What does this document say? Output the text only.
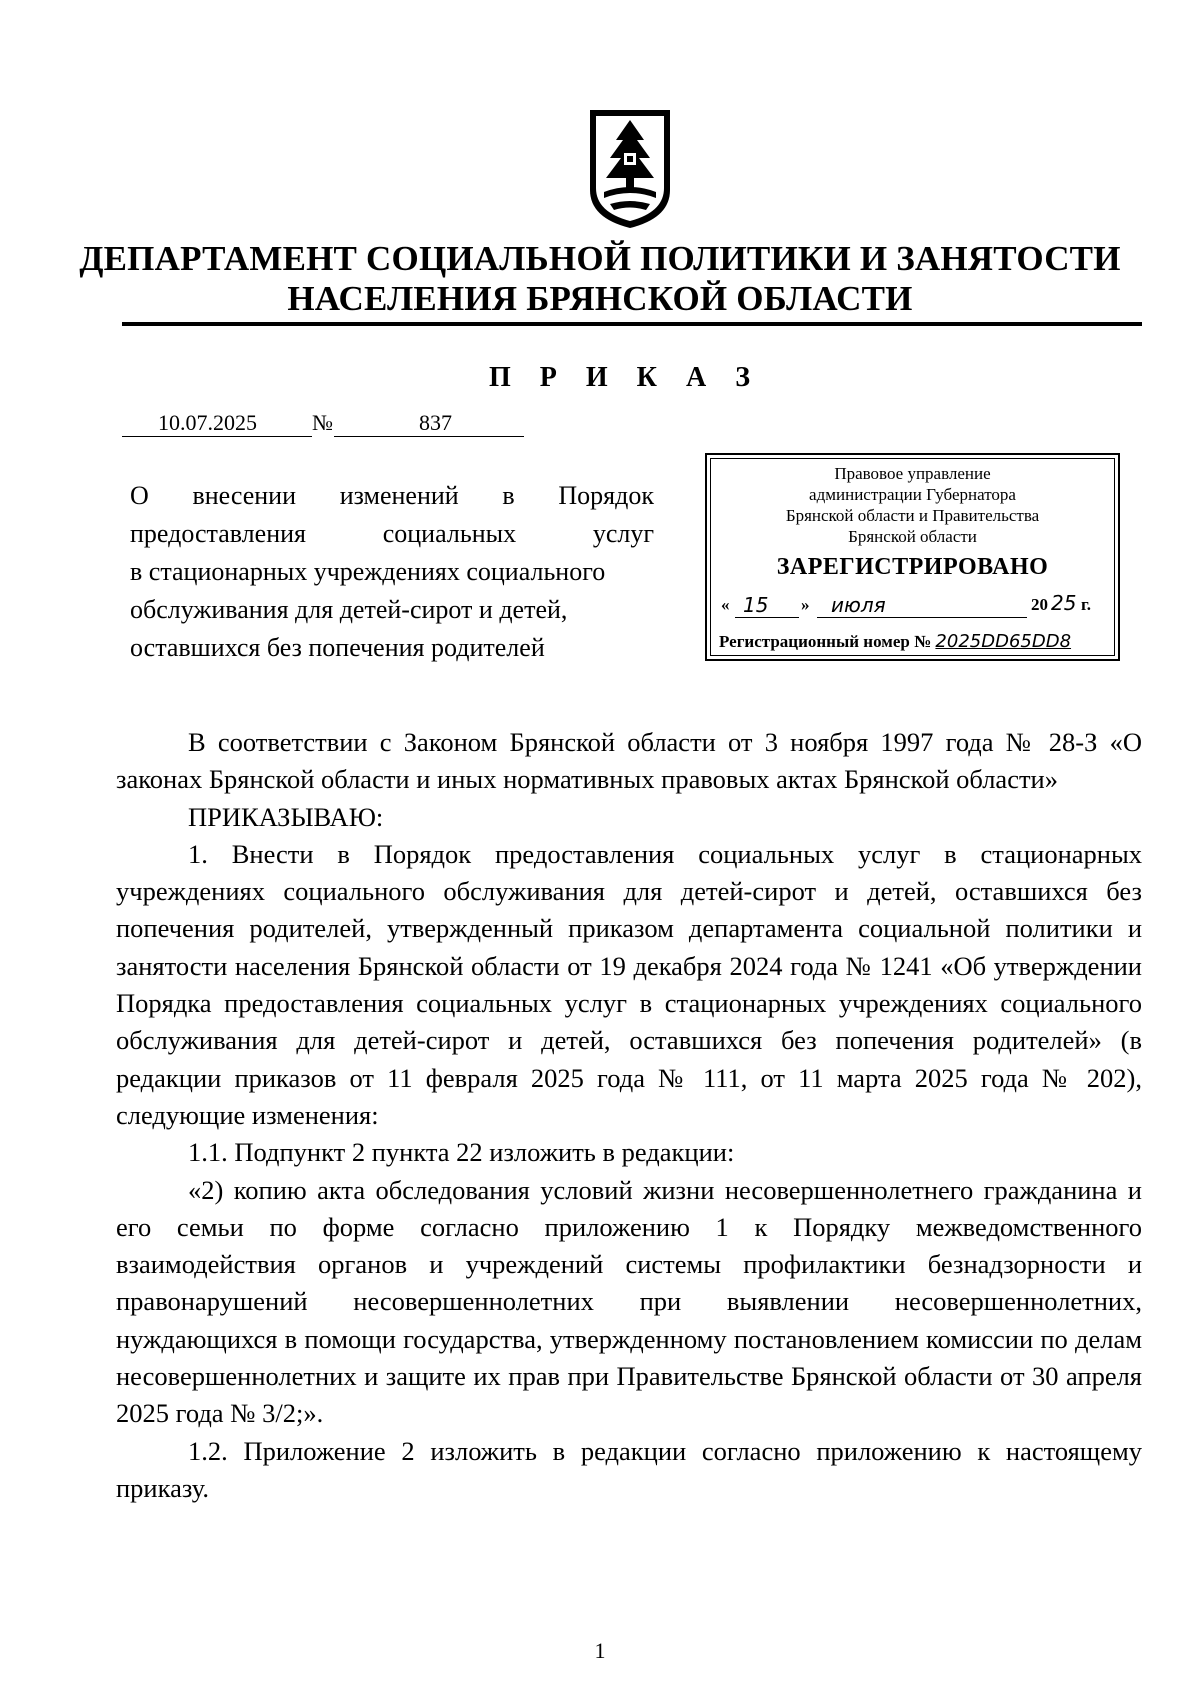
ДЕПАРТАМЕНТ СОЦИАЛЬНОЙ ПОЛИТИКИ И ЗАНЯТОСТИ
НАСЕЛЕНИЯ БРЯНСКОЙ ОБЛАСТИ
П Р И К А З
10.07.2025	№	837
О внесении изменений в Порядок
предоставления социальных услуг
в стационарных учреждениях социального
обслуживания для детей-сирот и детей,
оставшихся без попечения родителей
Правовое управление
администрации Губернатора
Брянской области и Правительства
Брянской области
ЗАРЕГИСТРИРОВАНО
« 15 » июля	20 25 г.
Регистрационный номер № 2025DD65DD8

В соответствии с Законом Брянской области от 3 ноября 1997 года № 28-З «О законах Брянской области и иных нормативных правовых актах Брянской области»

ПРИКАЗЫВАЮ:

1. Внести в Порядок предоставления социальных услуг в стационарных учреждениях социального обслуживания для детей-сирот и детей, оставшихся без попечения родителей, утвержденный приказом департамента социальной политики и занятости населения Брянской области от 19 декабря 2024 года № 1241 «Об утверждении Порядка предоставления социальных услуг в стационарных учреждениях социального обслуживания для детей-сирот и детей, оставшихся без попечения родителей» (в редакции приказов от 11 февраля 2025 года № 111, от 11 марта 2025 года № 202), следующие изменения:

1.1. Подпункт 2 пункта 22 изложить в редакции:

«2) копию акта обследования условий жизни несовершеннолетнего гражданина и его семьи по форме согласно приложению 1 к Порядку межведомственного взаимодействия органов и учреждений системы профилактики безнадзорности и правонарушений несовершеннолетних при выявлении несовершеннолетних, нуждающихся в помощи государства, утвержденному постановлением комиссии по делам несовершеннолетних и защите их прав при Правительстве Брянской области от 30 апреля 2025 года № 3/2;».

1.2. Приложение 2 изложить в редакции согласно приложению к настоящему приказу.

1
